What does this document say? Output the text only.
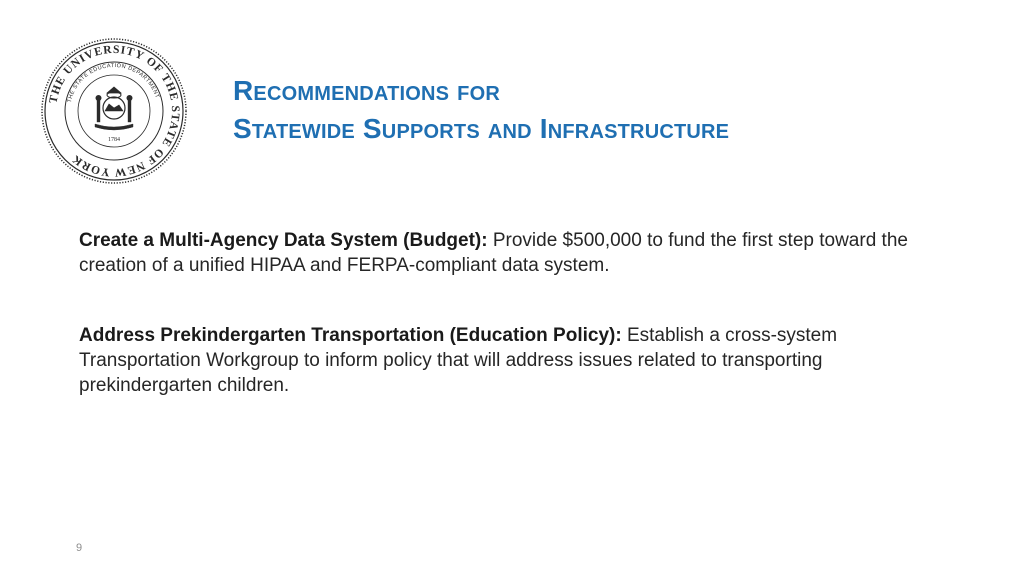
THE UNIVERSITY OF THE STATE OF NEW YORK
THE STATE EDUCATION DEPARTMENT
1784
Recommendations for
Statewide Supports and Infrastructure
Create a Multi-Agency Data System (Budget): Provide $500,000 to fund the first step toward the creation of a unified HIPAA and FERPA-compliant data system.
Address Prekindergarten Transportation (Education Policy): Establish a cross-system Transportation Workgroup to inform policy that will address issues related to transporting prekindergarten children.
9
